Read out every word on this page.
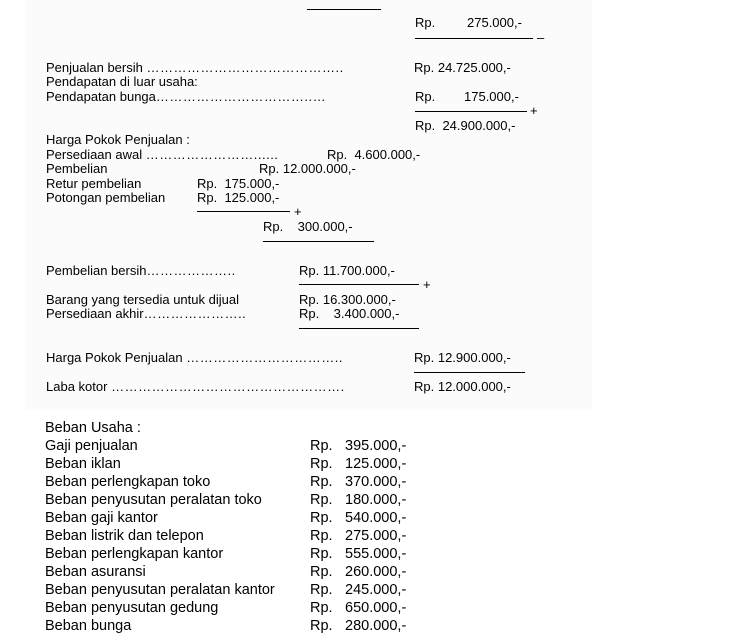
Rp. 275.000,-
–
Penjualan bersih ……………………………………..	Rp. 24.725.000,-
Pendapatan di luar usaha:
Pendapatan bunga……………………………..…	Rp. 175.000,-
+
Rp.  24.900.000,-
Harga Pokok Penjualan :
Persediaan awal ……………………......	Rp.  4.600.000,-
Pembelian	Rp. 12.000.000,-
Retur pembelian	Rp.  175.000,-
Potongan pembelian Rp.  125.000,-
+
Rp.    300.000,-
Pembelian bersih………………..	Rp. 11.700.000,-
+
Barang yang tersedia untuk dijual	Rp. 16.300.000,-
Persediaan akhir…………………..	Rp.    3.400.000,-
Harga Pokok Penjualan ……………………………..	Rp. 12.900.000,-
Laba kotor …………………………………………….	Rp. 12.000.000,-
Beban Usaha :
Gaji penjualan	Rp. 395.000,-
Beban iklan	Rp. 125.000,-
Beban perlengkapan toko	Rp. 370.000,-
Beban penyusutan peralatan toko	Rp. 180.000,-
Beban gaji kantor	Rp. 540.000,-
Beban listrik dan telepon	Rp. 275.000,-
Beban perlengkapan kantor	Rp. 555.000,-
Beban asuransi	Rp. 260.000,-
Beban penyusutan peralatan kantor Rp. 245.000,-
Beban penyusutan gedung	Rp. 650.000,-
Beban bunga	Rp. 280.000,-
